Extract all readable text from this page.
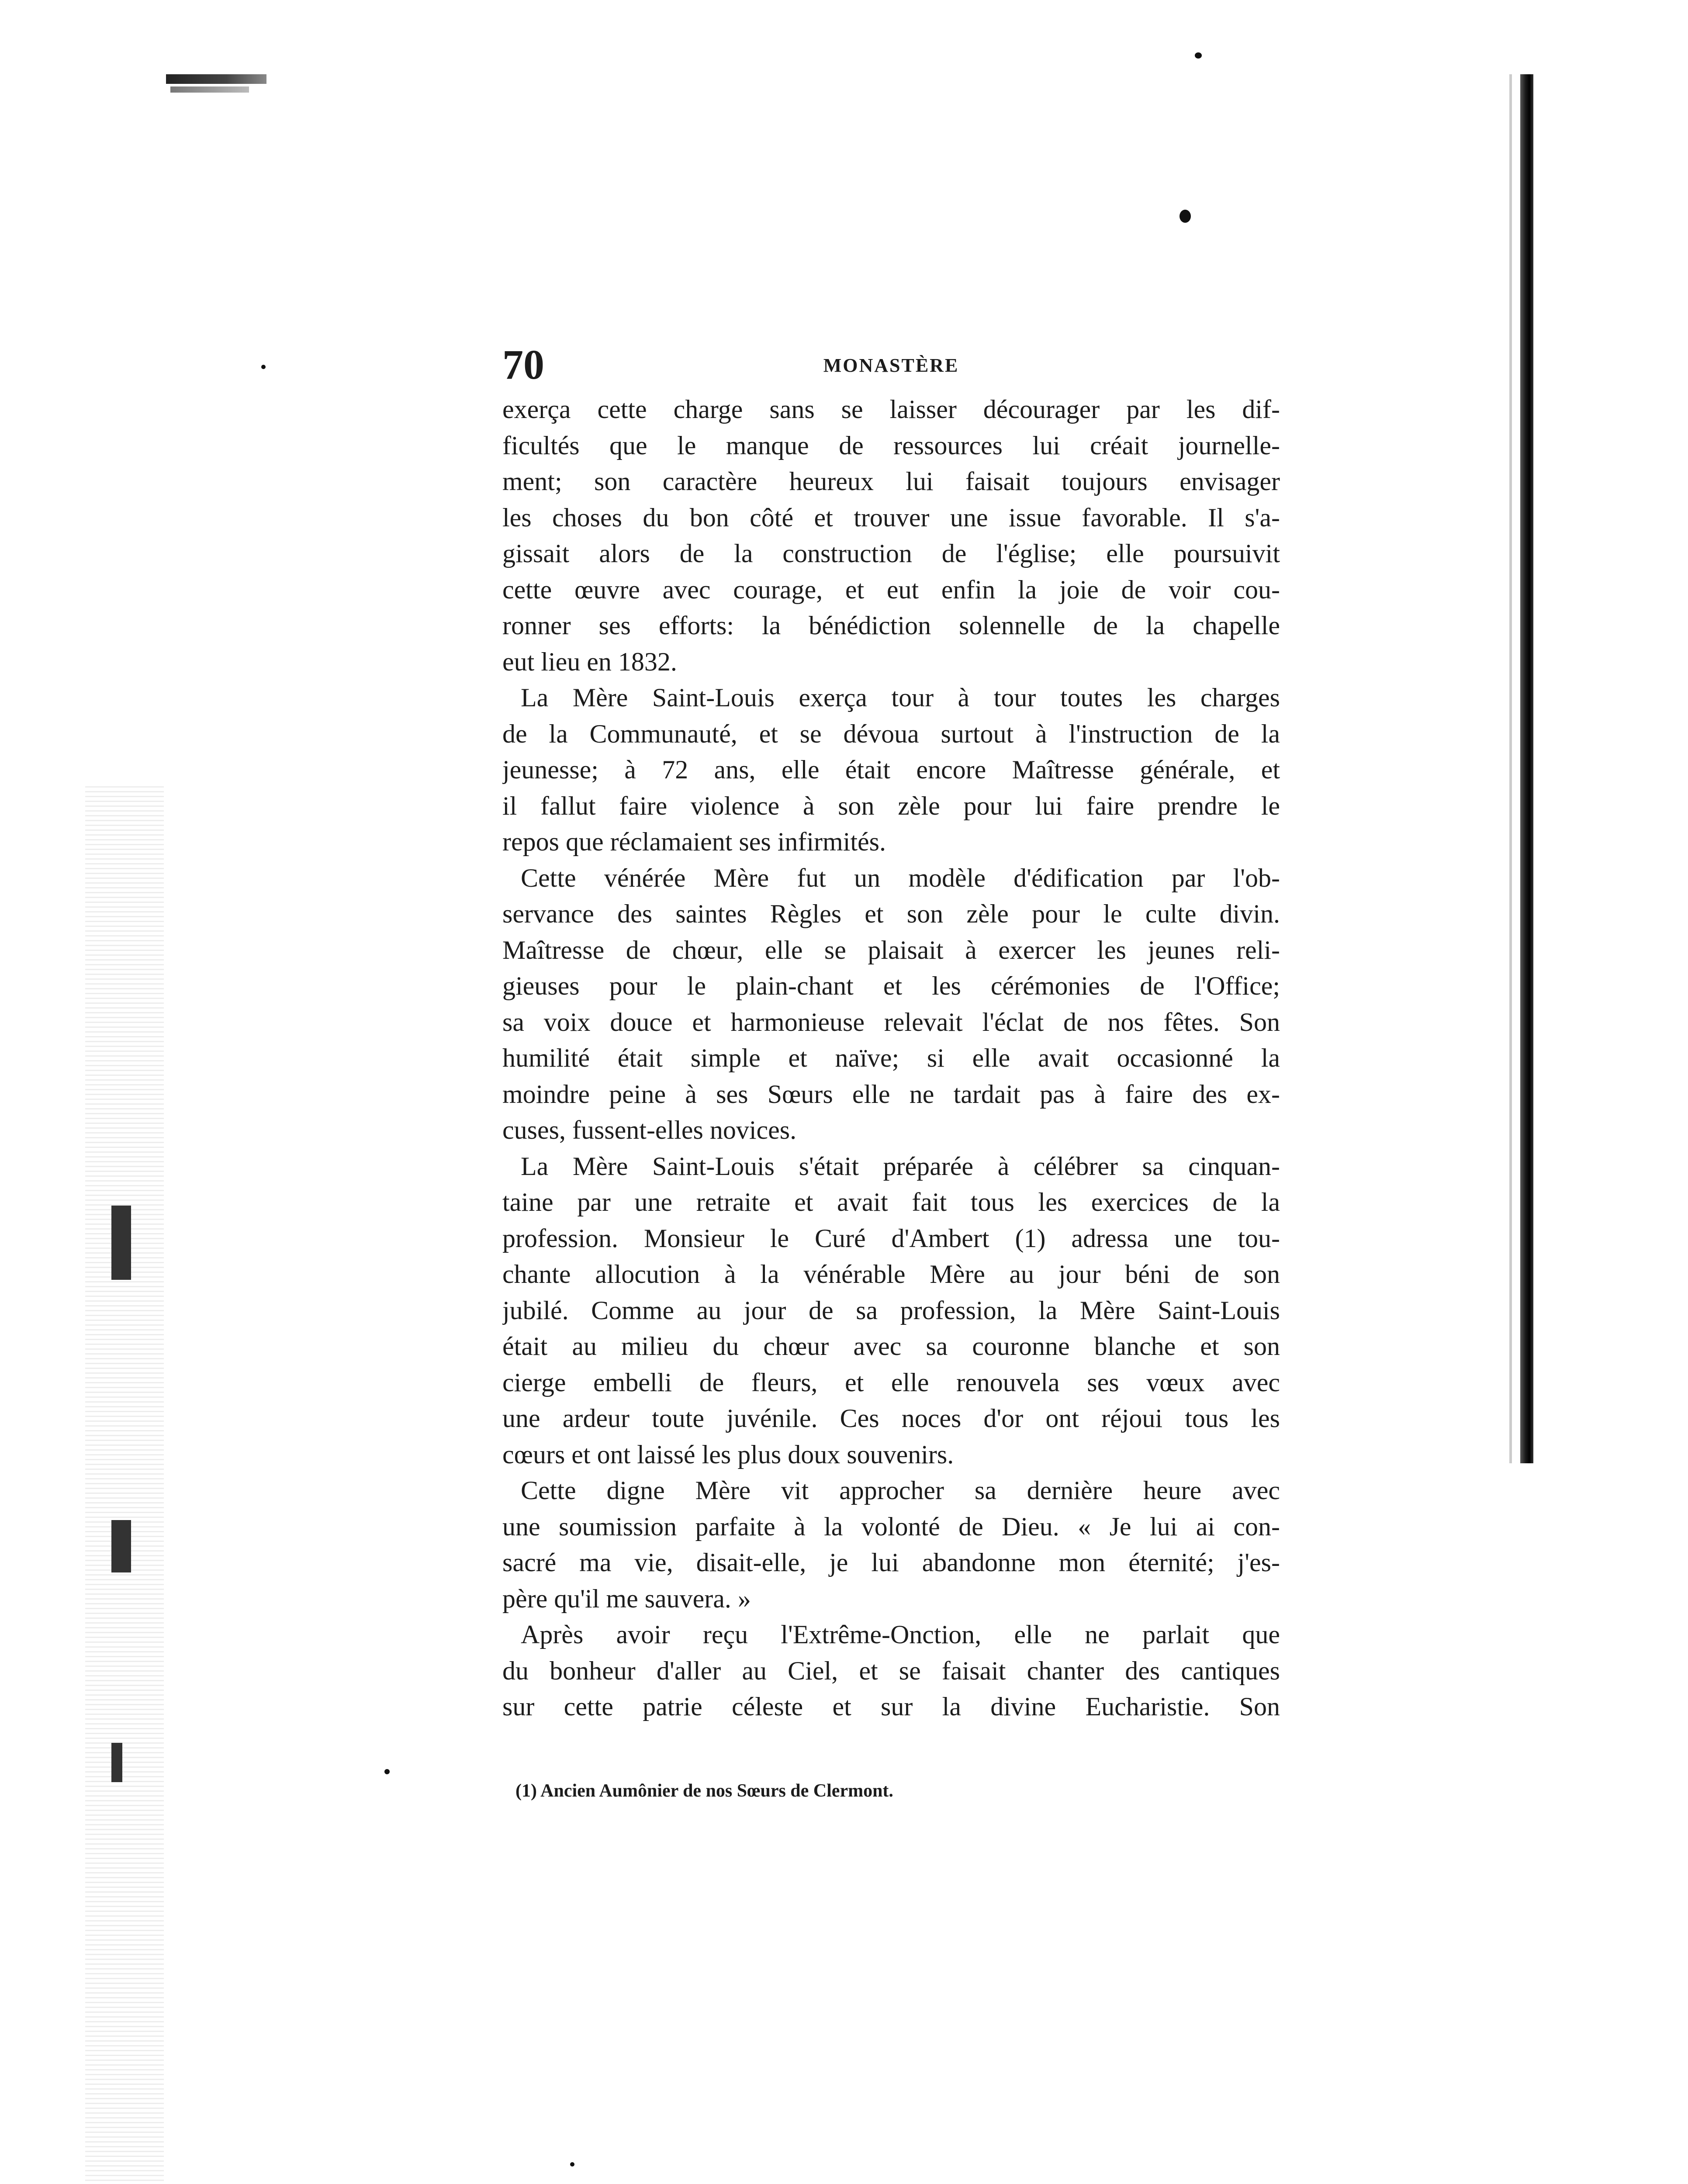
70	MONASTÈRE
exerça cette charge sans se laisser décourager par les dif-
ficultés que le manque de ressources lui créait journelle-
ment; son caractère heureux lui faisait toujours envisager
les choses du bon côté et trouver une issue favorable. Il s'a-
gissait alors de la construction de l'église; elle poursuivit
cette œuvre avec courage, et eut enfin la joie de voir cou-
ronner ses efforts: la bénédiction solennelle de la chapelle
eut lieu en 1832.
La Mère Saint-Louis exerça tour à tour toutes les charges
de la Communauté, et se dévoua surtout à l'instruction de la
jeunesse; à 72 ans, elle était encore Maîtresse générale, et
il fallut faire violence à son zèle pour lui faire prendre le
repos que réclamaient ses infirmités.
Cette vénérée Mère fut un modèle d'édification par l'ob-
servance des saintes Règles et son zèle pour le culte divin.
Maîtresse de chœur, elle se plaisait à exercer les jeunes reli-
gieuses pour le plain-chant et les cérémonies de l'Office;
sa voix douce et harmonieuse relevait l'éclat de nos fêtes. Son
humilité était simple et naïve; si elle avait occasionné la
moindre peine à ses Sœurs elle ne tardait pas à faire des ex-
cuses, fussent-elles novices.
La Mère Saint-Louis s'était préparée à célébrer sa cinquan-
taine par une retraite et avait fait tous les exercices de la
profession. Monsieur le Curé d'Ambert (1) adressa une tou-
chante allocution à la vénérable Mère au jour béni de son
jubilé. Comme au jour de sa profession, la Mère Saint-Louis
était au milieu du chœur avec sa couronne blanche et son
cierge embelli de fleurs, et elle renouvela ses vœux avec
une ardeur toute juvénile. Ces noces d'or ont réjoui tous les
cœurs et ont laissé les plus doux souvenirs.
Cette digne Mère vit approcher sa dernière heure avec
une soumission parfaite à la volonté de Dieu. « Je lui ai con-
sacré ma vie, disait-elle, je lui abandonne mon éternité; j'es-
père qu'il me sauvera. »
Après avoir reçu l'Extrême-Onction, elle ne parlait que
du bonheur d'aller au Ciel, et se faisait chanter des cantiques
sur cette patrie céleste et sur la divine Eucharistie. Son
(1) Ancien Aumônier de nos Sœurs de Clermont.
